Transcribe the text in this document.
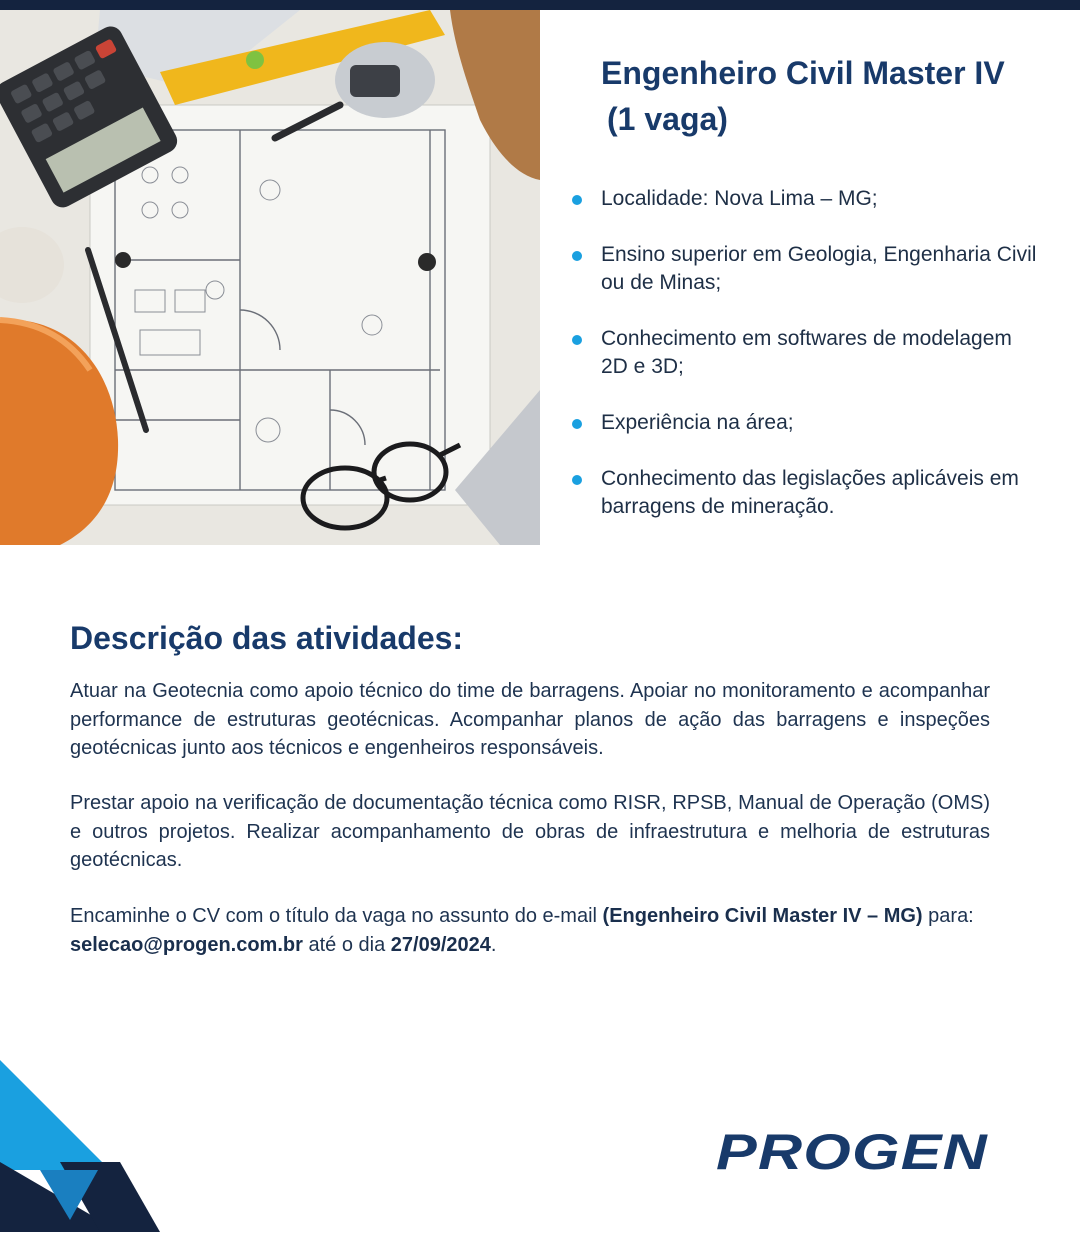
Engenheiro Civil Master IV
(1 vaga)
Localidade: Nova Lima – MG;
Ensino superior em Geologia, Engenharia Civil ou de Minas;
Conhecimento em softwares de modelagem 2D e 3D;
Experiência na área;
Conhecimento das legislações aplicáveis em barragens de mineração.
Descrição das atividades:

Atuar na Geotecnia como apoio técnico do time de barragens. Apoiar no monitoramento e acompanhar performance de estruturas geotécnicas. Acompanhar planos de ação das barragens e inspeções geotécnicas junto aos técnicos e engenheiros responsáveis.

Prestar apoio na verificação de documentação técnica como RISR, RPSB, Manual de Operação (OMS) e outros projetos. Realizar acompanhamento de obras de infraestrutura e melhoria de estruturas geotécnicas.

Encaminhe o CV com o título da vaga no assunto do e-mail (Engenheiro Civil Master IV – MG) para: selecao@progen.com.br até o dia 27/09/2024.

PROGEN
